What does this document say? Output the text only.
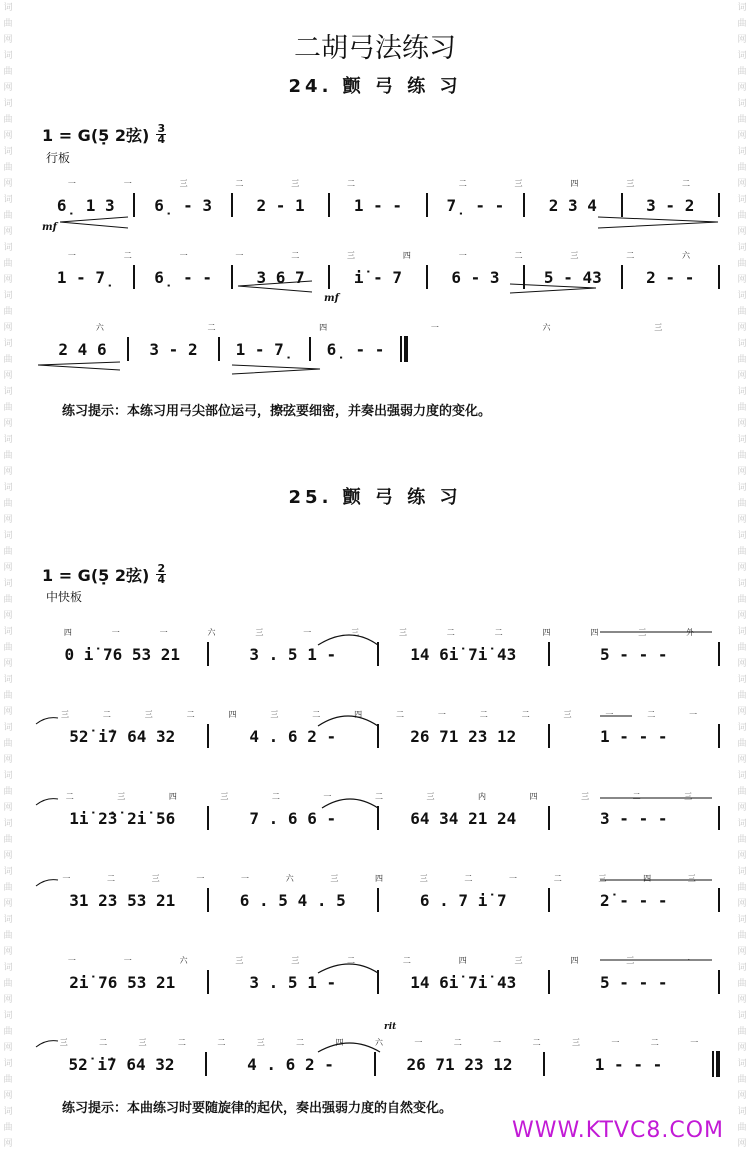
词
曲
网
词
曲
网
词
曲
网
词
曲
网
词
曲
网
词
曲
网
词
曲
网
词
曲
网
词
曲
网
词
曲
网
词
曲
网
词
曲
网
词
曲
网
词
曲
网
词
曲
网
词
曲
网
词
曲
网
词
曲
网
词
曲
网
词
曲
网
词
曲
网
词
曲
网
词
曲
网
词
曲
网
词
曲
网
词
曲
网
词
曲
网
词
曲
网
词
曲
网
词
曲
网
词
曲
网
词
曲
网
词
曲
网
词
曲
网
词
曲
网
词
曲
网
词
曲
网
词
曲
网
词
曲
网
词
曲
网
词
曲
网
词
曲
网
词
曲
网
词
曲
网
词
曲
网
词
曲
网
词
曲
网
词
曲
网
二胡弓法练习
24. 颤 弓 练 习
1 = G(5̣ 2弦) 3
4
行板
一	一	三	二	三	二	二	三	四	三	二
6̣ 1 3	6̣ - 3	2 - 1	1 - -	7̣ - -	2 3 4	3 - 2
一	二	一	一	二	三	四	一	二	三	二	六
1 - 7̣	6̣ - -	3 6 7	i̇ - 7	6 - 3	5 - 43	2 - -
六	二	四	一	六	三
2 4 6	3 - 2	1 - 7̣	6̣ - -
mf
mf
练习提示：本练习用弓尖部位运弓，擦弦要细密，并奏出强弱力度的变化。
25. 颤 弓 练 习
1 = G(5̣ 2弦) 2
4
中快板
四	一	一	六	三	一	三	三	二	二	四	四	三	外
0 i̇ 76 53 21	3 . 5 1 -	14 6i̇ 7i̇ 43	5 - - -
三	二	三	二	四	三	二	四	二	一	二	二	三	一	二	一
52̇ i̇7 64 32	4 . 6 2 -	26 71 23 12	1 - - -
二	三	四	三	二	一	二	三	内	四	三	二	三
1i̇ 2̇3̇ 2̇i̇ 56	7 . 6 6 -	64 34 21 24	3 - - -
一	二	三	一	一	六	三	四	三	二	一	二	三	四	三
31 23 53 21	6 . 5 4 . 5	6 . 7 i̇ 7	2̇ - - -
一	一	六	三	三	二	二	四	三	四	三	一
2̇i̇ 76 53 21	3 . 5 1 -	14 6i̇ 7i̇ 43	5 - - -
三	二	三	二	二	三	二	四	六	一	二	一	二	三	一	二	一
52̇ i̇7 64 32	4 . 6 2 -	26 71 23 12	1 - - -
rit
练习提示：本曲练习时要随旋律的起伏，奏出强弱力度的自然变化。
WWW.KTVC8.COM
